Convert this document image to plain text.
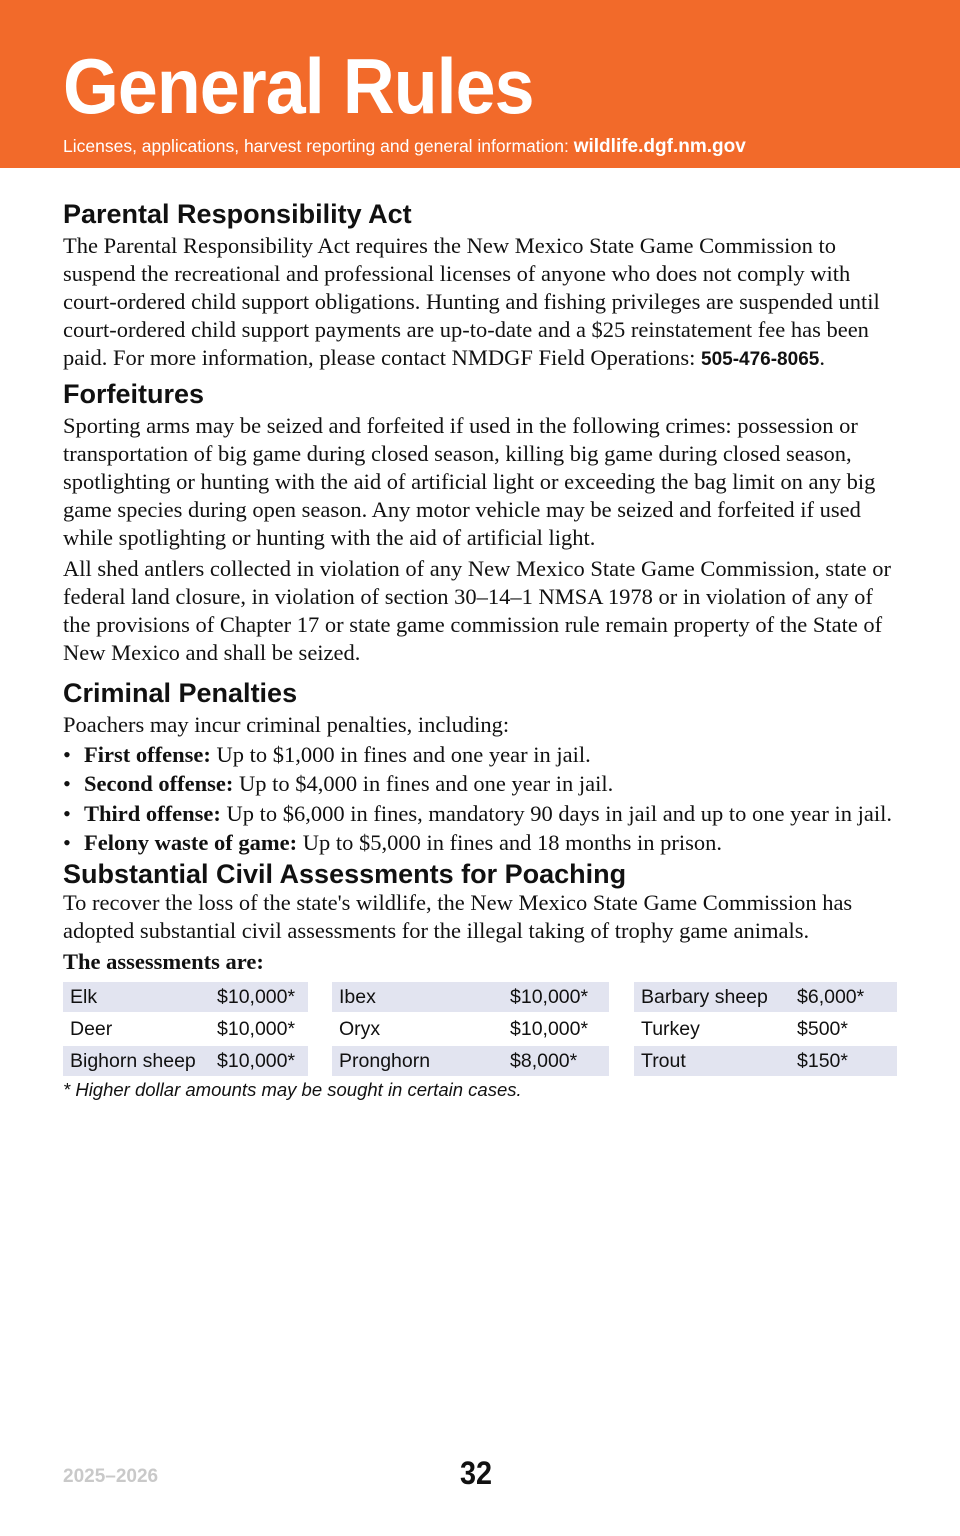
General Rules
Licenses, applications, harvest reporting and general information: wildlife.dgf.nm.gov
Parental Responsibility Act

The Parental Responsibility Act requires the New Mexico State Game Commission to suspend the recreational and professional licenses of anyone who does not comply with court-ordered child support obligations. Hunting and fishing privileges are suspended until court-ordered child support payments are up-to-date and a $25 reinstatement fee has been paid. For more information, please contact NMDGF Field Operations: 505-476-8065.

Forfeitures

Sporting arms may be seized and forfeited if used in the following crimes: possession or transportation of big game during closed season, killing big game during closed season, spotlighting or hunting with the aid of artificial light or exceeding the bag limit on any big game species during open season. Any motor vehicle may be seized and forfeited if used while spotlighting or hunting with the aid of artificial light.

All shed antlers collected in violation of any New Mexico State Game Commission, state or federal land closure, in violation of section 30–14–1 NMSA 1978 or in violation of any of the provisions of Chapter 17 or state game commission rule remain property of the State of New Mexico and shall be seized.

Criminal Penalties

Poachers may incur criminal penalties, including:

• First offense: Up to $1,000 in fines and one year in jail.
• Second offense: Up to $4,000 in fines and one year in jail.
• Third offense: Up to $6,000 in fines, mandatory 90 days in jail and up to one year in jail.
• Felony waste of game: Up to $5,000 in fines and 18 months in prison.
Substantial Civil Assessments for Poaching

To recover the loss of the state's wildlife, the New Mexico State Game Commission has adopted substantial civil assessments for the illegal taking of trophy game animals.

The assessments are:
Elk	$10,000*
Deer	$10,000*
Bighorn sheep	$10,000*
Ibex	$10,000*
Oryx	$10,000*
Pronghorn	$8,000*
Barbary sheep	$6,000*
Turkey	$500*
Trout	$150*
* Higher dollar amounts may be sought in certain cases.
2025–2026	32
